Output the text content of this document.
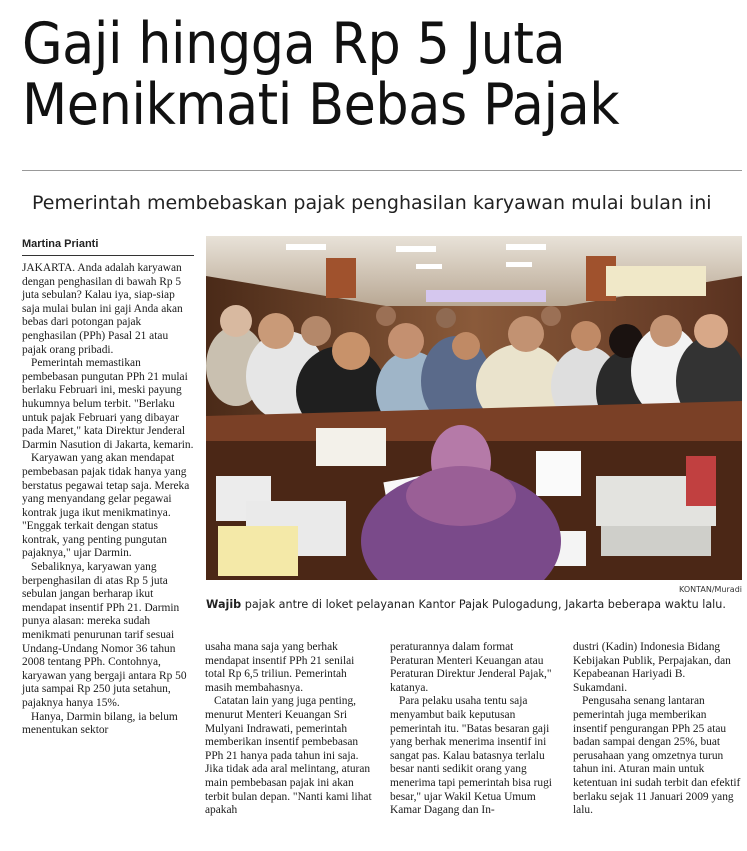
Gaji hingga Rp 5 Juta
Menikmati Bebas Pajak
Pemerintah membebaskan pajak penghasilan karyawan mulai bulan ini
Martina Prianti

JAKARTA. Anda adalah karyawan dengan penghasilan di bawah Rp 5 juta sebulan? Kalau iya, siap-siap saja mulai bulan ini gaji Anda akan bebas dari potongan pajak penghasilan (PPh) Pasal 21 atau pajak orang pribadi.

Pemerintah memastikan pembebasan pungutan PPh 21 mulai berlaku Februari ini, meski payung hukumnya belum terbit. "Berlaku untuk pajak Februari yang dibayar pada Maret," kata Direktur Jenderal Darmin Nasution di Jakarta, kemarin.

Karyawan yang akan mendapat pembebasan pajak tidak hanya yang berstatus pegawai tetap saja. Mereka yang menyandang gelar pegawai kontrak juga ikut menikmatinya. "Enggak terkait dengan status kontrak, yang penting pungutan pajaknya," ujar Darmin.

Sebaliknya, karyawan yang berpenghasilan di atas Rp 5 juta sebulan jangan berharap ikut mendapat insentif PPh 21. Darmin punya alasan: mereka sudah menikmati penurunan tarif sesuai Undang-Undang Nomor 36 tahun 2008 tentang PPh. Contohnya, karyawan yang bergaji antara Rp 50 juta sampai Rp 250 juta setahun, pajaknya hanya 15%.

Hanya, Darmin bilang, ia belum menentukan sektor

KONTAN/Muradi
Wajib pajak antre di loket pelayanan Kantor Pajak Pulogadung, Jakarta beberapa waktu lalu.

usaha mana saja yang berhak mendapat insentif PPh 21 senilai total Rp 6,5 triliun. Pemerintah masih membahasnya.

Catatan lain yang juga penting, menurut Menteri Keuangan Sri Mulyani Indrawati, pemerintah memberikan insentif pembebasan PPh 21 hanya pada tahun ini saja. Jika tidak ada aral melintang, aturan main pembebasan pajak ini akan terbit bulan depan. "Nanti kami lihat apakah

peraturannya dalam format Peraturan Menteri Keuangan atau Peraturan Direktur Jenderal Pajak," katanya.

Para pelaku usaha tentu saja menyambut baik keputusan pemerintah itu. "Batas besaran gaji yang berhak menerima insentif ini sangat pas. Kalau batasnya terlalu besar nanti sedikit orang yang menerima tapi pemerintah bisa rugi besar," ujar Wakil Ketua Umum Kamar Dagang dan In-

dustri (Kadin) Indonesia Bidang Kebijakan Publik, Perpajakan, dan Kepabeanan Hariyadi B. Sukamdani.

Pengusaha senang lantaran pemerintah juga memberikan insentif pengurangan PPh 25 atau badan sampai dengan 25%, buat perusahaan yang omzetnya turun tahun ini. Aturan main untuk ketentuan ini sudah terbit dan efektif berlaku sejak 11 Januari 2009 yang lalu.
